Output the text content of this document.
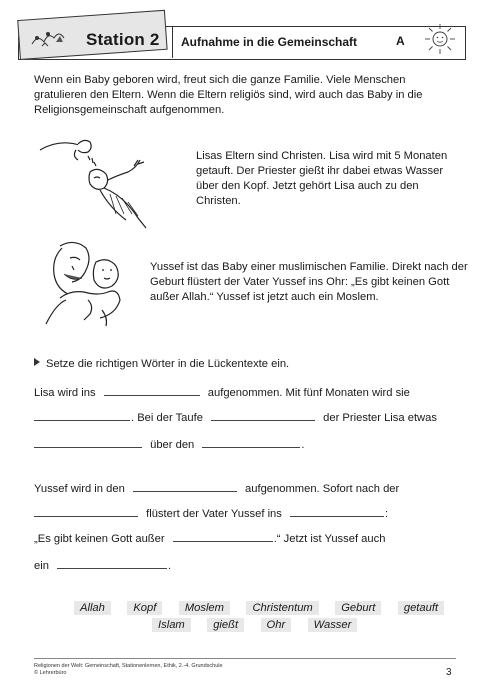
Station 2 Aufnahme in die Gemeinschaft	A
Wenn ein Baby geboren wird, freut sich die ganze Familie. Viele Menschen gratulieren den Eltern. Wenn die Eltern religiös sind, wird auch das Baby in die Religionsgemeinschaft aufgenommen.
Lisas Eltern sind Christen. Lisa wird mit 5 Monaten getauft. Der Priester gießt ihr dabei etwas Wasser über den Kopf. Jetzt gehört Lisa auch zu den Christen.
Yussef ist das Baby einer muslimischen Familie. Direkt nach der Geburt flüstert der Vater Yussef ins Ohr: „Es gibt keinen Gott außer Allah.“ Yussef ist jetzt auch ein Moslem.
Setze die richtigen Wörter in die Lückentexte ein.
Lisa wird ins	aufgenommen. Mit fünf Monaten wird sie
. Bei der Taufe	der Priester Lisa etwas
über den	.
Yussef wird in den	aufgenommen. Sofort nach der
flüstert der Vater Yussef ins	:
„Es gibt keinen Gott außer	.“ Jetzt ist Yussef auch
ein	.
Allah	Kopf	Moslem	Christentum	Geburt	getauft
Islam	gießt	Ohr	Wasser
Religionen der Welt: Gemeinschaft, Stationenlernen, Ethik, 2.-4. Grundschule
© Lehrerbüro	3
